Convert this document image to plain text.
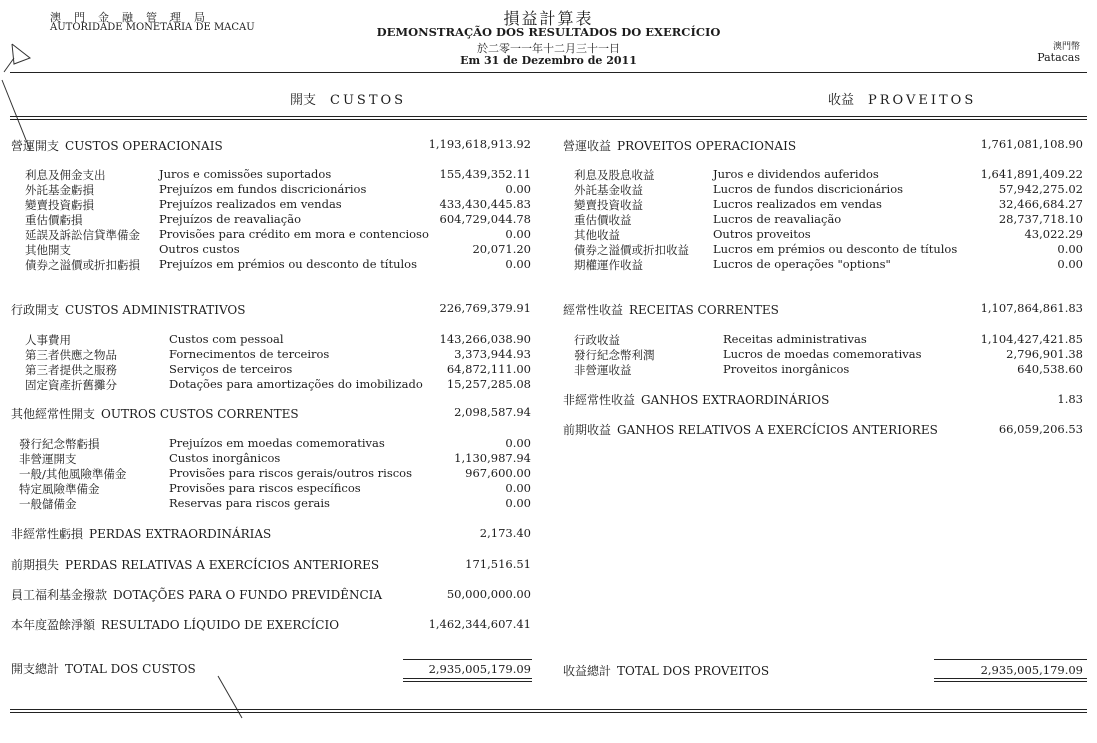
澳門金融管理局
AUTORIDADE MONETÁRIA DE MACAU	損益計算表
DEMONSTRAÇÃO DOS RESULTADOS DO EXERCÍCIO
於二零一一年十二月三十一日
Em 31 de Dezembro de 2011
澳門幣
Patacas
開支 CUSTOS	收益 PROVEITOS
營運開支 CUSTOS OPERACIONAIS	1,193,618,913.92
利息及佣金支出	Juros e comissões suportados	155,439,352.11
外託基金虧損	Prejuízos em fundos discricionários	0.00
變賣投資虧損	Prejuízos realizados em vendas	433,430,445.83
重估價虧損	Prejuízos de reavaliação	604,729,044.78
延誤及訴訟信貸準備金 Provisões para crédito em mora e contencioso	0.00
其他開支	Outros custos	20,071.20
債券之溢價或折扣虧損 Prejuízos em prémios ou desconto de títulos	0.00
行政開支 CUSTOS ADMINISTRATIVOS	226,769,379.91
人事費用	Custos com pessoal	143,266,038.90
第三者供應之物品	Fornecimentos de terceiros	3,373,944.93
第三者提供之服務	Serviços de terceiros	64,872,111.00
固定資產折舊攤分	Dotações para amortizações do imobilizado 15,257,285.08
其他經常性開支 OUTROS CUSTOS CORRENTES	2,098,587.94
發行紀念幣虧損	Prejuízos em moedas comemorativas	0.00
非營運開支	Custos inorgânicos	1,130,987.94
一般/其他風險準備金	Provisões para riscos gerais/outros riscos	967,600.00
特定風險準備金	Provisões para riscos específicos	0.00
一般儲備金	Reservas para riscos gerais	0.00
非經常性虧損 PERDAS EXTRAORDINÁRIAS	2,173.40
前期損失 PERDAS RELATIVAS A EXERCÍCIOS ANTERIORES	171,516.51
員工福利基金撥款 DOTAÇÕES PARA O FUNDO PREVIDÊNCIA	50,000,000.00
本年度盈餘淨額 RESULTADO LÍQUIDO DE EXERCÍCIO	1,462,344,607.41
開支總計 TOTAL DOS CUSTOS	2,935,005,179.09
營運收益 PROVEITOS OPERACIONAIS	1,761,081,108.90
利息及股息收益	Juros e dividendos auferidos	1,641,891,409.22
外託基金收益	Lucros de fundos discricionários	57,942,275.02
變賣投資收益	Lucros realizados em vendas	32,466,684.27
重估價收益	Lucros de reavaliação	28,737,718.10
其他收益	Outros proveitos	43,022.29
債券之溢價或折扣收益 Lucros em prémios ou desconto de títulos	0.00
期權運作收益	Lucros de operações "options"	0.00
經常性收益 RECEITAS CORRENTES	1,107,864,861.83
行政收益	Receitas administrativas	1,104,427,421.85
發行紀念幣利潤	Lucros de moedas comemorativas	2,796,901.38
非營運收益	Proveitos inorgânicos	640,538.60
非經常性收益 GANHOS EXTRAORDINÁRIOS	1.83
前期收益 GANHOS RELATIVOS A EXERCÍCIOS ANTERIORES	66,059,206.53
收益總計 TOTAL DOS PROVEITOS	2,935,005,179.09
